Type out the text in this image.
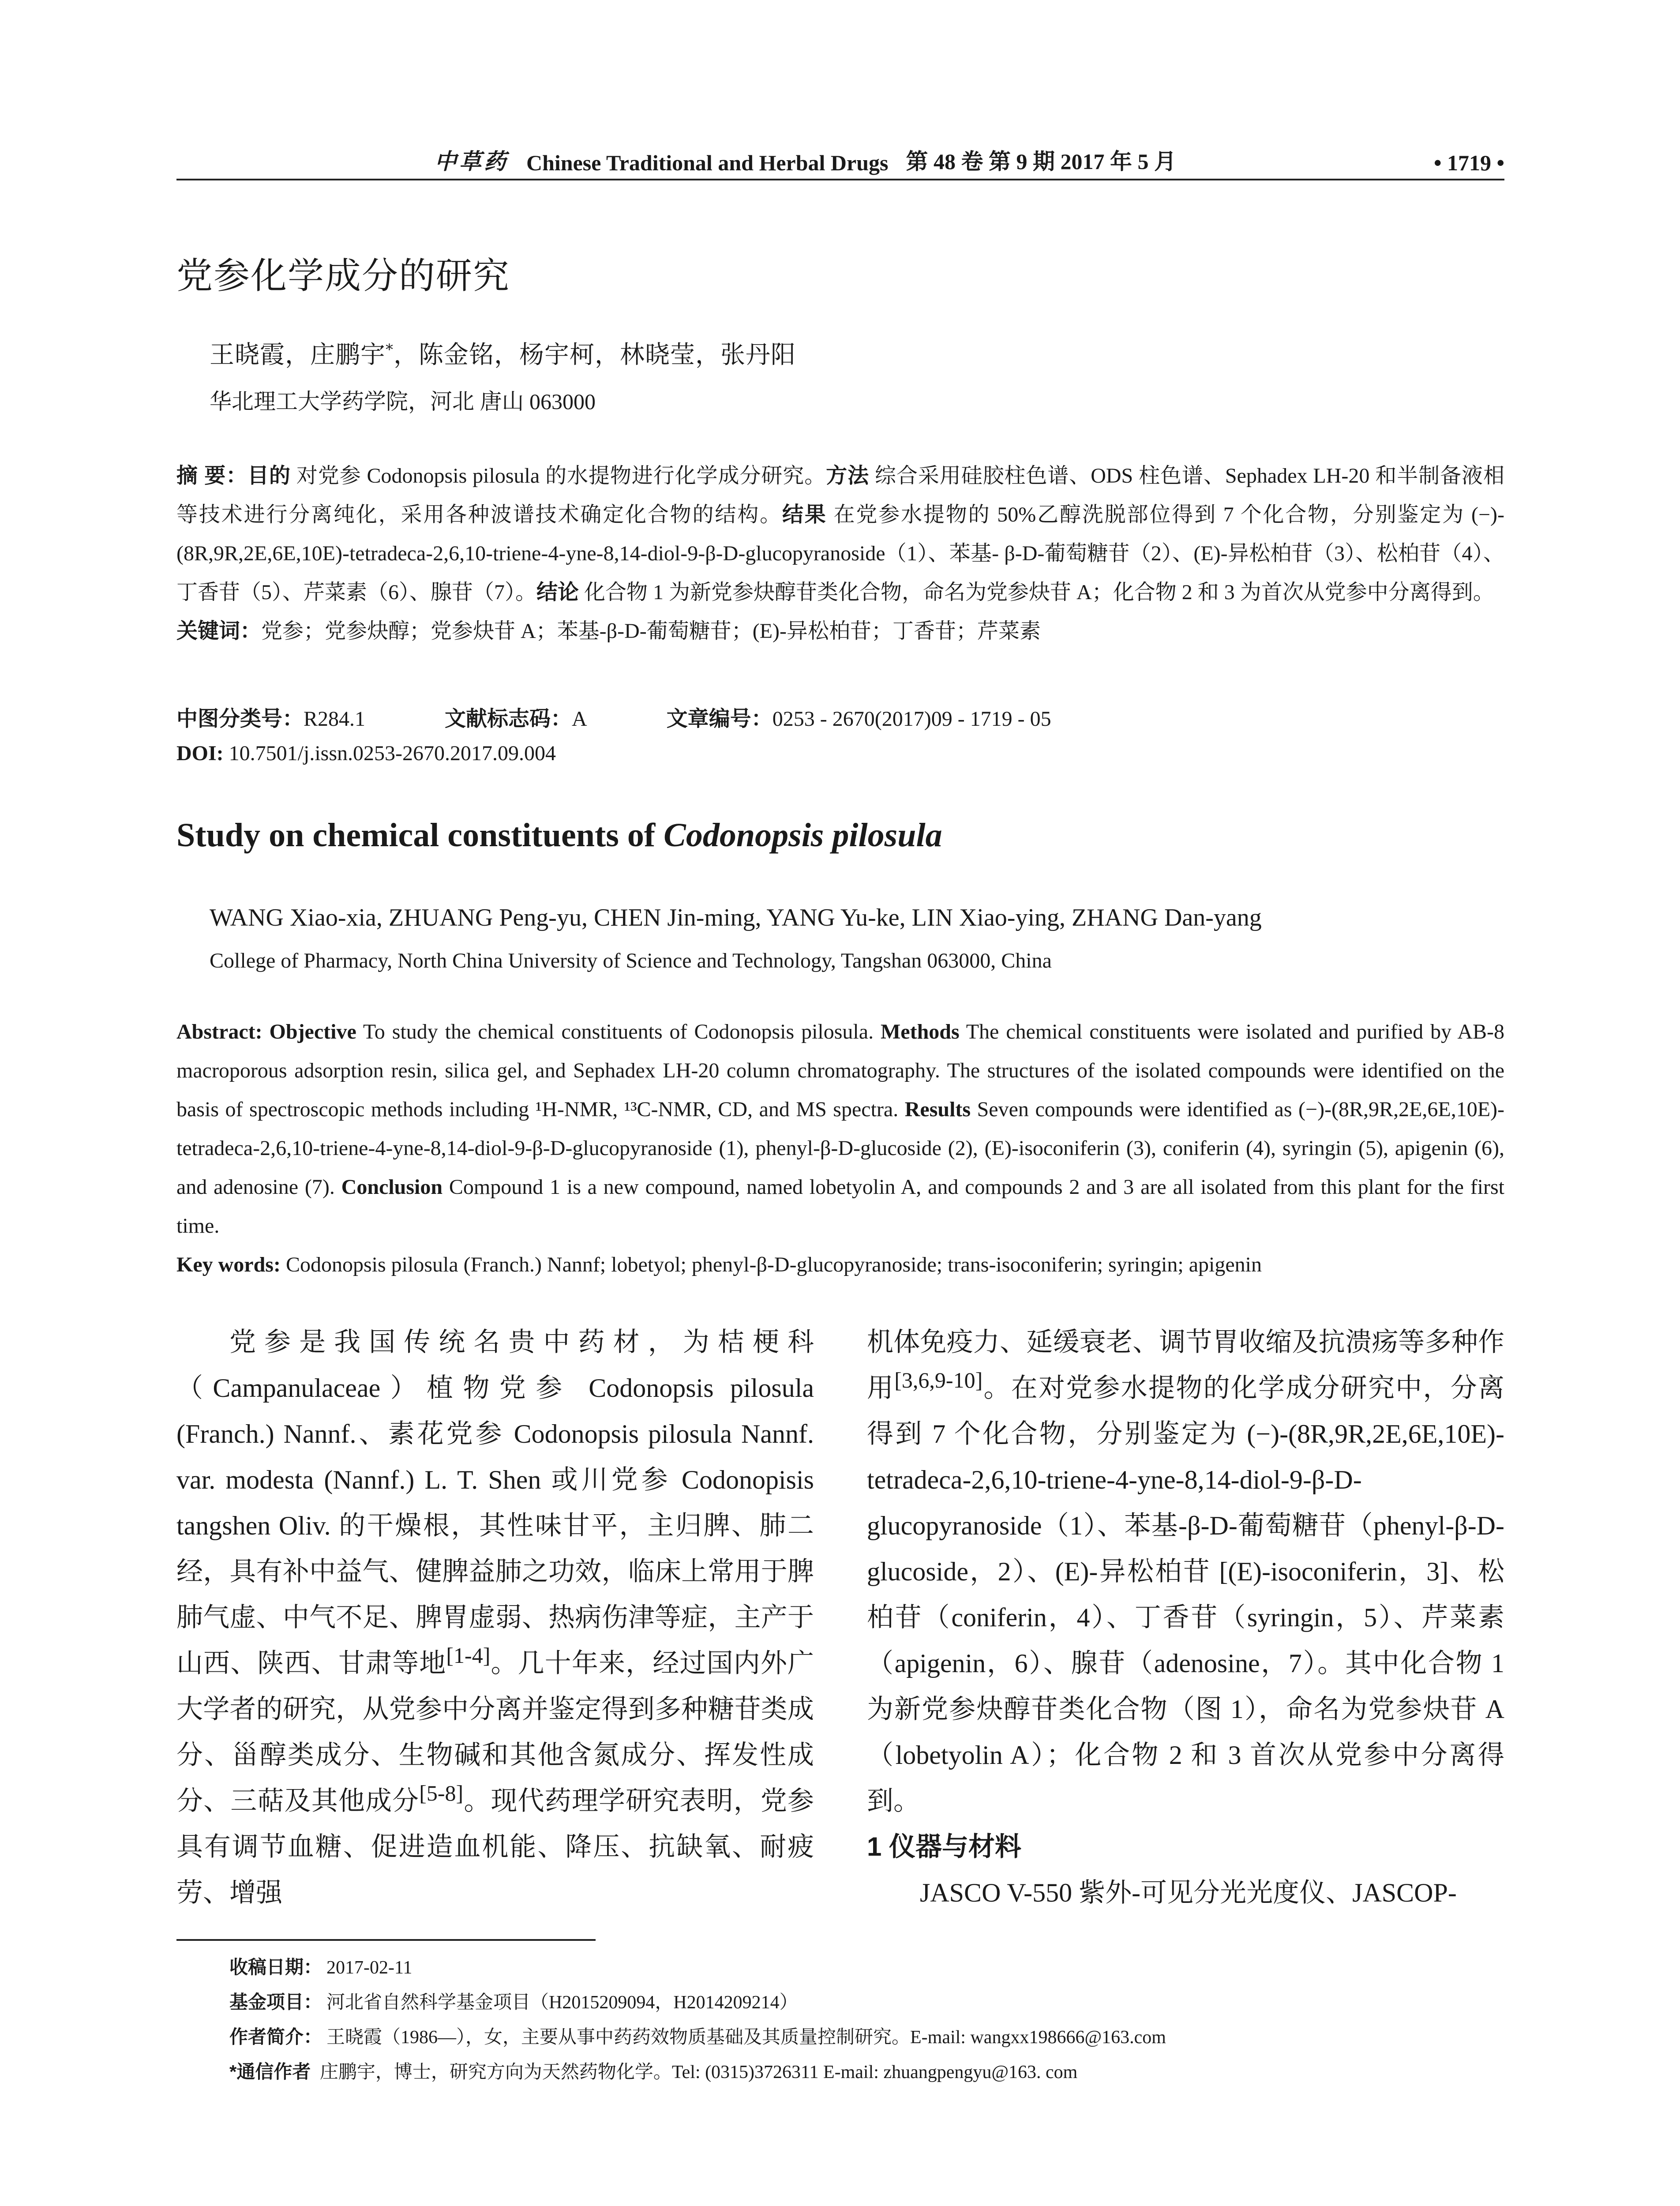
中草药 Chinese Traditional and Herbal Drugs 第 48 卷 第 9 期 2017 年 5 月	• 1719 •
党参化学成分的研究

王晓霞，庄鹏宇*，陈金铭，杨宇柯，林晓莹，张丹阳

华北理工大学药学院，河北 唐山 063000

摘 要：目的 对党参 Codonopsis pilosula 的水提物进行化学成分研究。方法 综合采用硅胶柱色谱、ODS 柱色谱、Sephadex LH-20 和半制备液相等技术进行分离纯化，采用各种波谱技术确定化合物的结构。结果 在党参水提物的 50%乙醇洗脱部位得到 7 个化合物，分别鉴定为 (−)-(8R,9R,2E,6E,10E)-tetradeca-2,6,10-triene-4-yne-8,14-diol-9-β-D-glucopyranoside（1）、苯基- β-D-葡萄糖苷（2）、(E)-异松柏苷（3）、松柏苷（4）、丁香苷（5）、芹菜素（6）、腺苷（7）。结论 化合物 1 为新党参炔醇苷类化合物，命名为党参炔苷 A；化合物 2 和 3 为首次从党参中分离得到。
关键词：党参；党参炔醇；党参炔苷 A；苯基-β-D-葡萄糖苷；(E)-异松柏苷；丁香苷；芹菜素

中图分类号：R284.1	文献标志码：A	文章编号：0253 - 2670(2017)09 - 1719 - 05

DOI: 10.7501/j.issn.0253-2670.2017.09.004

Study on chemical constituents of Codonopsis pilosula

WANG Xiao-xia, ZHUANG Peng-yu, CHEN Jin-ming, YANG Yu-ke, LIN Xiao-ying, ZHANG Dan-yang

College of Pharmacy, North China University of Science and Technology, Tangshan 063000, China

Abstract: Objective To study the chemical constituents of Codonopsis pilosula. Methods The chemical constituents were isolated and purified by AB-8 macroporous adsorption resin, silica gel, and Sephadex LH-20 column chromatography. The structures of the isolated compounds were identified on the basis of spectroscopic methods including ¹H-NMR, ¹³C-NMR, CD, and MS spectra. Results Seven compounds were identified as (−)-(8R,9R,2E,6E,10E)-tetradeca-2,6,10-triene-4-yne-8,14-diol-9-β-D-glucopyranoside (1), phenyl-β-D-glucoside (2), (E)-isoconiferin (3), coniferin (4), syringin (5), apigenin (6), and adenosine (7). Conclusion Compound 1 is a new compound, named lobetyolin A, and compounds 2 and 3 are all isolated from this plant for the first time.
Key words: Codonopsis pilosula (Franch.) Nannf; lobetyol; phenyl-β-D-glucopyranoside; trans-isoconiferin; syringin; apigenin

党参是我国传统名贵中药材，为桔梗科（Campanulaceae）植物党参 Codonopsis pilosula (Franch.) Nannf.、素花党参 Codonopsis pilosula Nannf. var. modesta (Nannf.) L. T. Shen 或川党参 Codonopisis tangshen Oliv. 的干燥根，其性味甘平，主归脾、肺二经，具有补中益气、健脾益肺之功效，临床上常用于脾肺气虚、中气不足、脾胃虚弱、热病伤津等症，主产于山西、陕西、甘肃等地[1-4]。几十年来，经过国内外广大学者的研究，从党参中分离并鉴定得到多种糖苷类成分、甾醇类成分、生物碱和其他含氮成分、挥发性成分、三萜及其他成分[5-8]。现代药理学研究表明，党参具有调节血糖、促进造血机能、降压、抗缺氧、耐疲劳、增强

机体免疫力、延缓衰老、调节胃收缩及抗溃疡等多种作用[3,6,9-10]。在对党参水提物的化学成分研究中，分离得到 7 个化合物，分别鉴定为 (−)-(8R,9R,2E,6E,10E)-tetradeca-2,6,10-triene-4-yne-8,14-diol-9-β-D-glucopyranoside（1）、苯基-β-D-葡萄糖苷（phenyl-β-D-glucoside，2）、(E)-异松柏苷 [(E)-isoconiferin，3]、松柏苷（coniferin，4）、丁香苷（syringin，5）、芹菜素（apigenin，6）、腺苷（adenosine，7）。其中化合物 1 为新党参炔醇苷类化合物（图 1），命名为党参炔苷 A（lobetyolin A）；化合物 2 和 3 首次从党参中分离得到。

1 仪器与材料

JASCO V-550 紫外-可见分光光度仪、JASCOP-

收稿日期： 2017-02-11

基金项目： 河北省自然科学基金项目（H2015209094，H2014209214）

作者简介： 王晓霞（1986—），女，主要从事中药药效物质基础及其质量控制研究。E-mail: wangxx198666@163.com

*通信作者 庄鹏宇，博士，研究方向为天然药物化学。Tel: (0315)3726311 E-mail: zhuangpengyu@163. com
